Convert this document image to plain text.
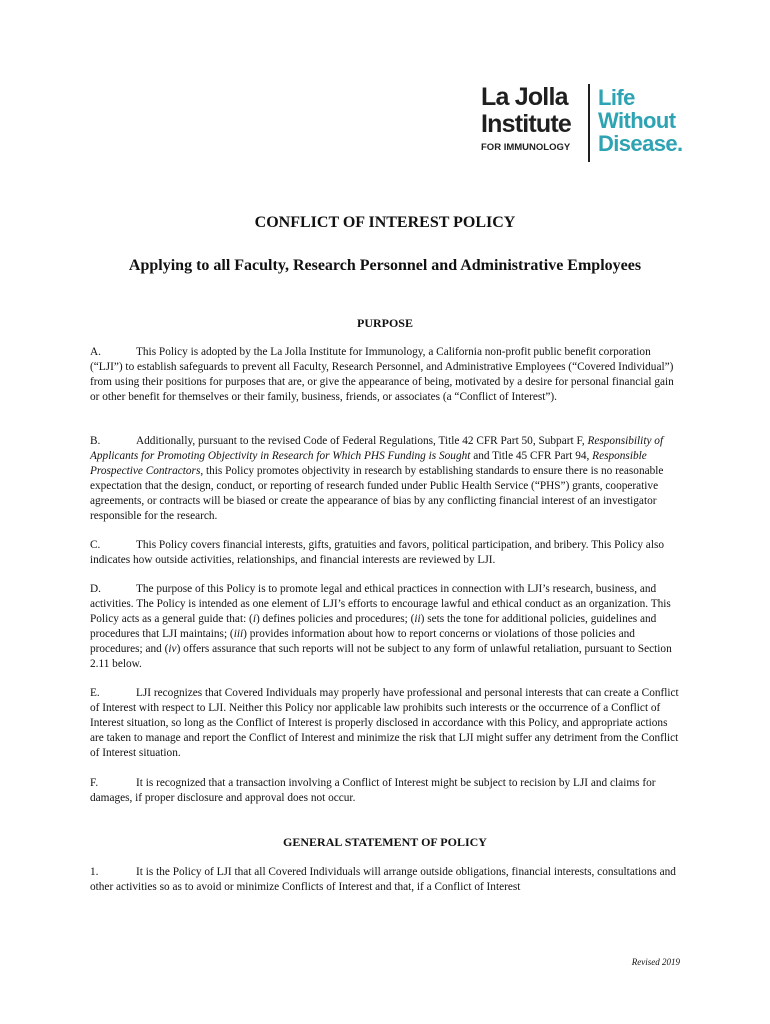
La Jolla
Institute
FOR IMMUNOLOGY
Life
Without
Disease.
CONFLICT OF INTEREST POLICY
Applying to all Faculty, Research Personnel and Administrative Employees
PURPOSE

A.	This Policy is adopted by the La Jolla Institute for Immunology, a California non-profit public benefit corporation (“LJI”) to establish safeguards to prevent all Faculty, Research Personnel, and Administrative Employees (“Covered Individual”) from using their positions for purposes that are, or give the appearance of being, motivated by a desire for personal financial gain or other benefit for themselves or their family, business, friends, or associates (a “Conflict of Interest”).

B.	Additionally, pursuant to the revised Code of Federal Regulations, Title 42 CFR Part 50, Subpart F, Responsibility of Applicants for Promoting Objectivity in Research for Which PHS Funding is Sought and Title 45 CFR Part 94, Responsible Prospective Contractors, this Policy promotes objectivity in research by establishing standards to ensure there is no reasonable expectation that the design, conduct, or reporting of research funded under Public Health Service (“PHS”) grants, cooperative agreements, or contracts will be biased or create the appearance of bias by any conflicting financial interest of an investigator responsible for the research.

C.	This Policy covers financial interests, gifts, gratuities and favors, political participation, and bribery. This Policy also indicates how outside activities, relationships, and financial interests are reviewed by LJI.

D.	The purpose of this Policy is to promote legal and ethical practices in connection with LJI’s research, business, and activities. The Policy is intended as one element of LJI’s efforts to encourage lawful and ethical conduct as an organization. This Policy acts as a general guide that: (i) defines policies and procedures; (ii) sets the tone for additional policies, guidelines and procedures that LJI maintains; (iii) provides information about how to report concerns or violations of those policies and procedures; and (iv) offers assurance that such reports will not be subject to any form of unlawful retaliation, pursuant to Section 2.11 below.

E.	LJI recognizes that Covered Individuals may properly have professional and personal interests that can create a Conflict of Interest with respect to LJI. Neither this Policy nor applicable law prohibits such interests or the occurrence of a Conflict of Interest situation, so long as the Conflict of Interest is properly disclosed in accordance with this Policy, and appropriate actions are taken to manage and report the Conflict of Interest and minimize the risk that LJI might suffer any detriment from the Conflict of Interest situation.

F.	It is recognized that a transaction involving a Conflict of Interest might be subject to recision by LJI and claims for damages, if proper disclosure and approval does not occur.

GENERAL STATEMENT OF POLICY

1.	It is the Policy of LJI that all Covered Individuals will arrange outside obligations, financial interests, consultations and other activities so as to avoid or minimize Conflicts of Interest and that, if a Conflict of Interest

Revised 2019
